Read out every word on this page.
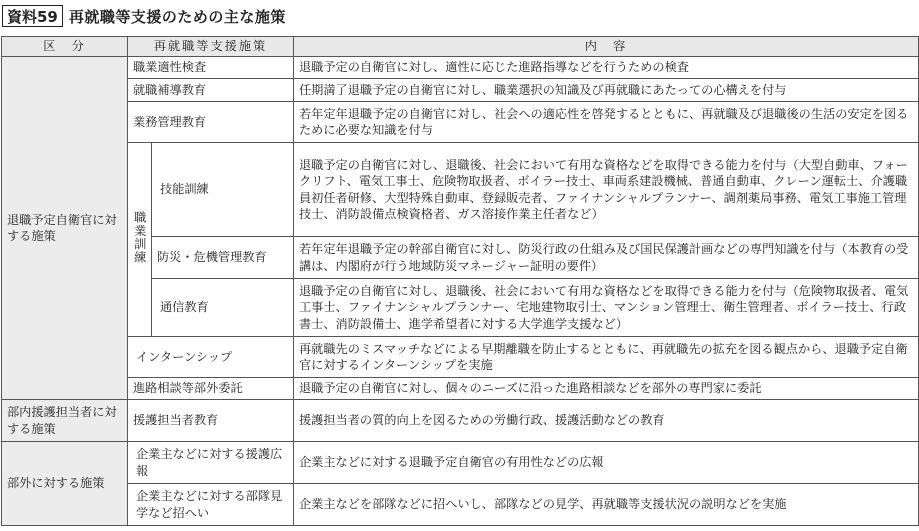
資料59 再就職等支援のための主な施策
区　分	再就職等支援施策		内　容
退職予定自衛官に対する施策	職業適性検査		退職予定の自衛官に対し、適性に応じた進路指導などを行うための検査
	就職補導教育		任期満了退職予定の自衛官に対し、職業選択の知識及び再就職にあたっての心構えを付与
	業務管理教育		若年定年退職予定の自衛官に対し、社会への適応性を啓発するとともに、再就職及び退職後の生活の安定を図るために必要な知識を付与
	職業訓練	技能訓練	退職予定の自衛官に対し、退職後、社会において有用な資格などを取得できる能力を付与（大型自動車、フォークリフト、電気工事士、危険物取扱者、ボイラー技士、車両系建設機械、普通自動車、クレーン運転士、介護職員初任者研修、大型特殊自動車、登録販売者、ファイナンシャルプランナー、調剤薬局事務、電気工事施工管理技士、消防設備点検資格者、ガス溶接作業主任者など）
		防災・危機管理教育	若年定年退職予定の幹部自衛官に対し、防災行政の仕組み及び国民保護計画などの専門知識を付与（本教育の受講は、内閣府が行う地域防災マネージャー証明の要件）
		通信教育	退職予定の自衛官に対し、退職後、社会において有用な資格などを取得できる能力を付与（危険物取扱者、電気工事士、ファイナンシャルプランナー、宅地建物取引士、マンション管理士、衛生管理者、ボイラー技士、行政書士、消防設備士、進学希望者に対する大学進学支援など）
	インターンシップ		再就職先のミスマッチなどによる早期離職を防止するとともに、再就職先の拡充を図る観点から、退職予定自衛官に対するインターンシップを実施
	進路相談等部外委託		退職予定の自衛官に対し、個々のニーズに沿った進路相談などを部外の専門家に委託
部内援護担当者に対する施策	援護担当者教育		援護担当者の質的向上を図るための労働行政、援護活動などの教育
部外に対する施策	企業主などに対する援護広報		企業主などに対する退職予定自衛官の有用性などの広報
	企業主などに対する部隊見学など招へい		企業主などを部隊などに招へいし、部隊などの見学、再就職等支援状況の説明などを実施
